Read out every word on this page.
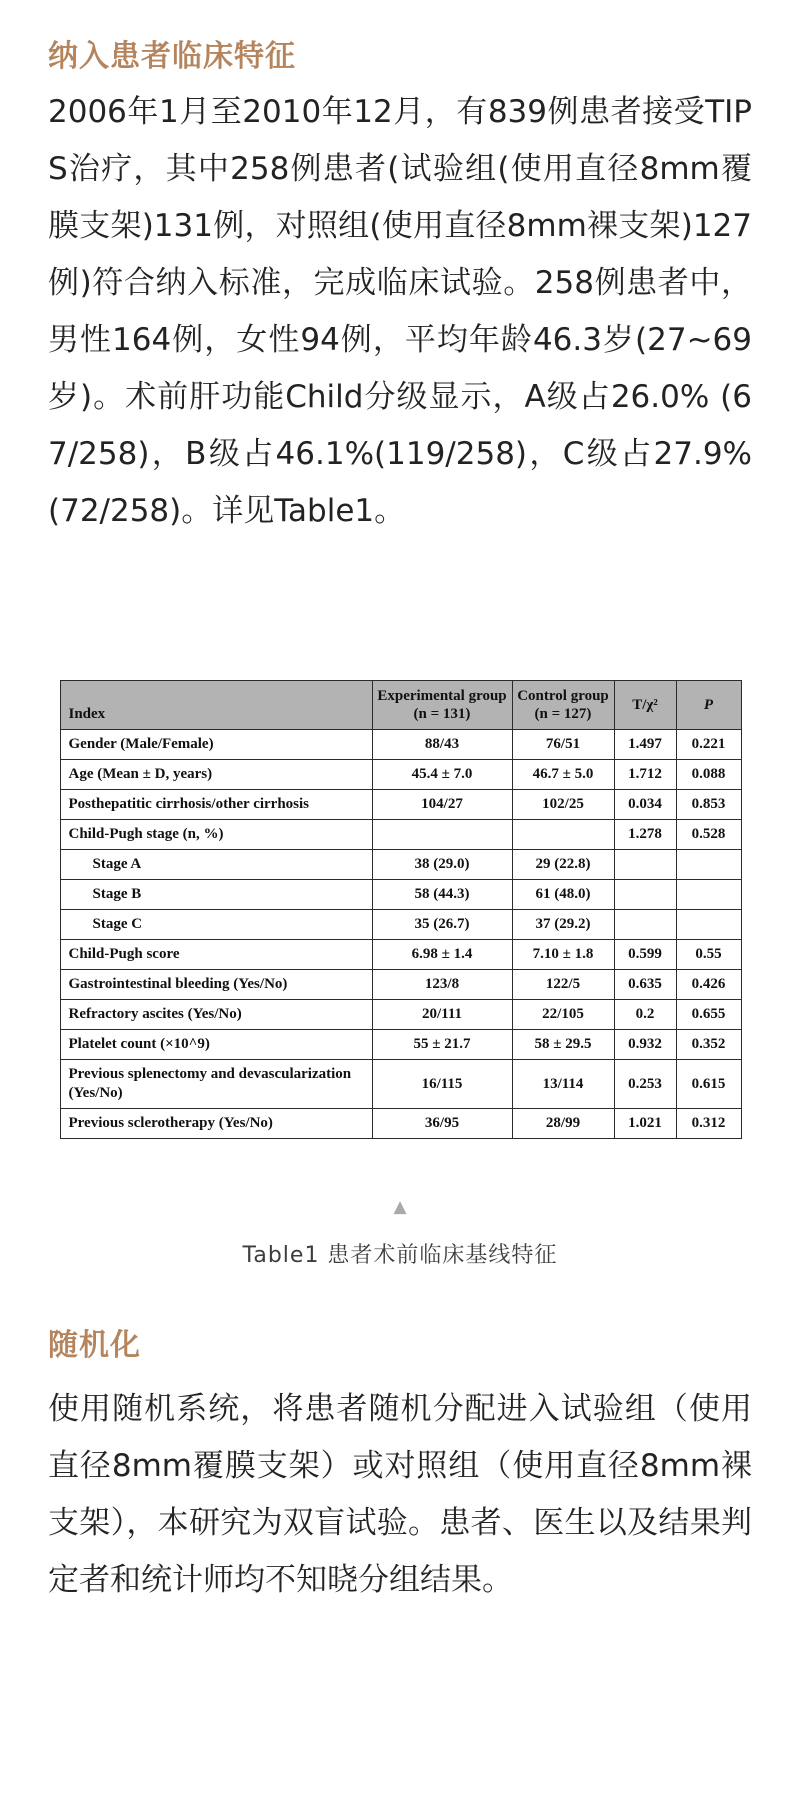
纳入患者临床特征
2006年1月至2010年12月，有839例患者接受TIPS治疗，其中258例患者(试验组(使用直径8mm覆膜支架)131例，对照组(使用直径8mm裸支架)127例)符合纳入标准，完成临床试验。258例患者中，男性164例，女性94例，平均年龄46.3岁(27~69岁)。术前肝功能Child分级显示，A级占26.0% (67/258)，B级占46.1%(119/258)，C级占27.9% (72/258)。详见Table1。
Index	Experimental group (n = 131)	Control group (n = 127)	T/χ²	P
Gender (Male/Female)	88/43	76/51	1.497	0.221
Age (Mean ± D, years)	45.4 ± 7.0	46.7 ± 5.0	1.712	0.088
Posthepatitic cirrhosis/other cirrhosis	104/27	102/25	0.034	0.853
Child-Pugh stage (n, %)			1.278	0.528
Stage A	38 (29.0)	29 (22.8)		
Stage B	58 (44.3)	61 (48.0)		
Stage C	35 (26.7)	37 (29.2)		
Child-Pugh score	6.98 ± 1.4	7.10 ± 1.8	0.599	0.55
Gastrointestinal bleeding (Yes/No)	123/8	122/5	0.635	0.426
Refractory ascites (Yes/No)	20/111	22/105	0.2	0.655
Platelet count (×10^9)	55 ± 21.7	58 ± 29.5	0.932	0.352
Previous splenectomy and devascularization (Yes/No)	16/115	13/114	0.253	0.615
Previous sclerotherapy (Yes/No)	36/95	28/99	1.021	0.312
▲
Table1 患者术前临床基线特征
随机化
使用随机系统，将患者随机分配进入试验组（使用直径8mm覆膜支架）或对照组（使用直径8mm裸支架），本研究为双盲试验。患者、医生以及结果判定者和统计师均不知晓分组结果。
